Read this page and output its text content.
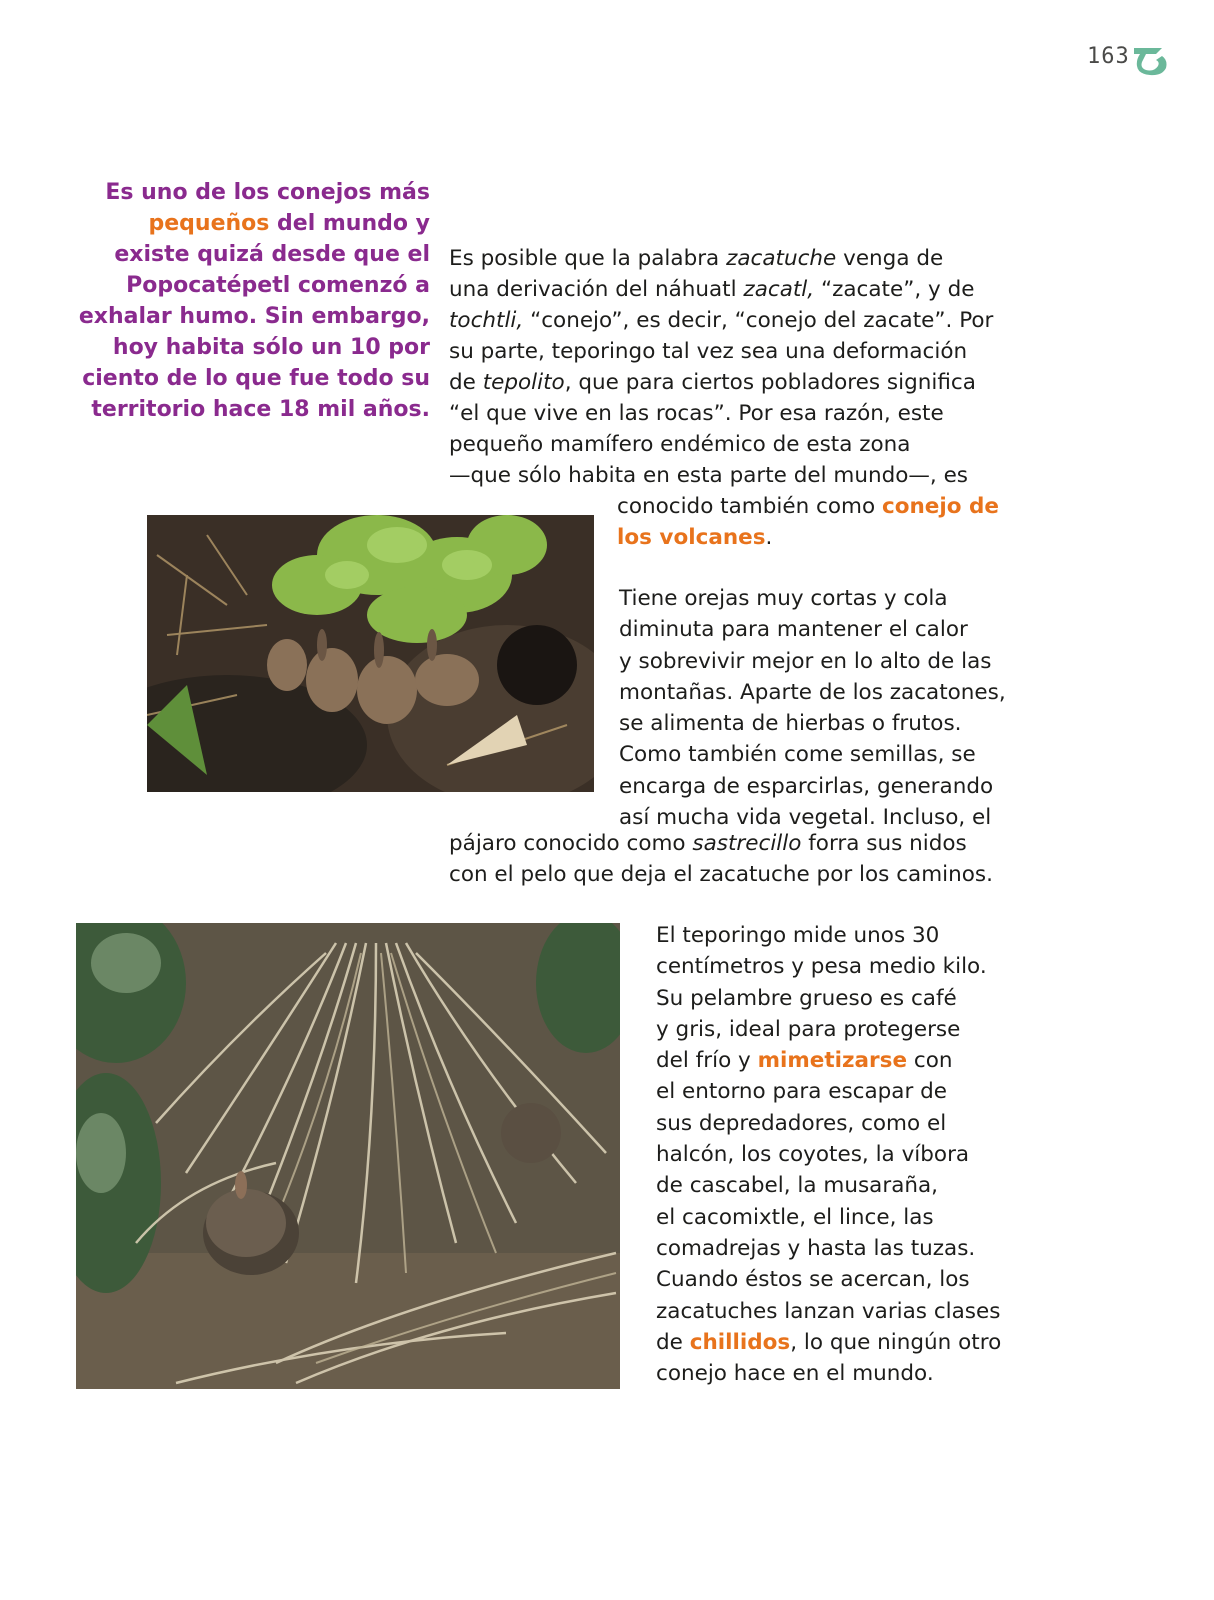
163
Es uno de los conejos más
pequeños del mundo y
existe quizá desde que el
Popocatépetl comenzó a
exhalar humo. Sin embargo,
hoy habita sólo un 10 por
ciento de lo que fue todo su
territorio hace 18 mil años.
Es posible que la palabra zacatuche venga de
una derivación del náhuatl zacatl, “zacate”, y de
tochtli, “conejo”, es decir, “conejo del zacate”. Por
su parte, teporingo tal vez sea una deformación
de tepolito, que para ciertos pobladores significa
“el que vive en las rocas”. Por esa razón, este
pequeño mamífero endémico de esta zona
—que sólo habita en esta parte del mundo—, es
conocido también como conejo de
los volcanes.
Tiene orejas muy cortas y cola
diminuta para mantener el calor
y sobrevivir mejor en lo alto de las
montañas. Aparte de los zacatones,
se alimenta de hierbas o frutos.
Como también come semillas, se
encarga de esparcirlas, generando
así mucha vida vegetal. Incluso, el
pájaro conocido como sastrecillo forra sus nidos
con el pelo que deja el zacatuche por los caminos.
El teporingo mide unos 30
centímetros y pesa medio kilo.
Su pelambre grueso es café
y gris, ideal para protegerse
del frío y mimetizarse con
el entorno para escapar de
sus depredadores, como el
halcón, los coyotes, la víbora
de cascabel, la musaraña,
el cacomixtle, el lince, las
comadrejas y hasta las tuzas.
Cuando éstos se acercan, los
zacatuches lanzan varias clases
de chillidos, lo que ningún otro
conejo hace en el mundo.
